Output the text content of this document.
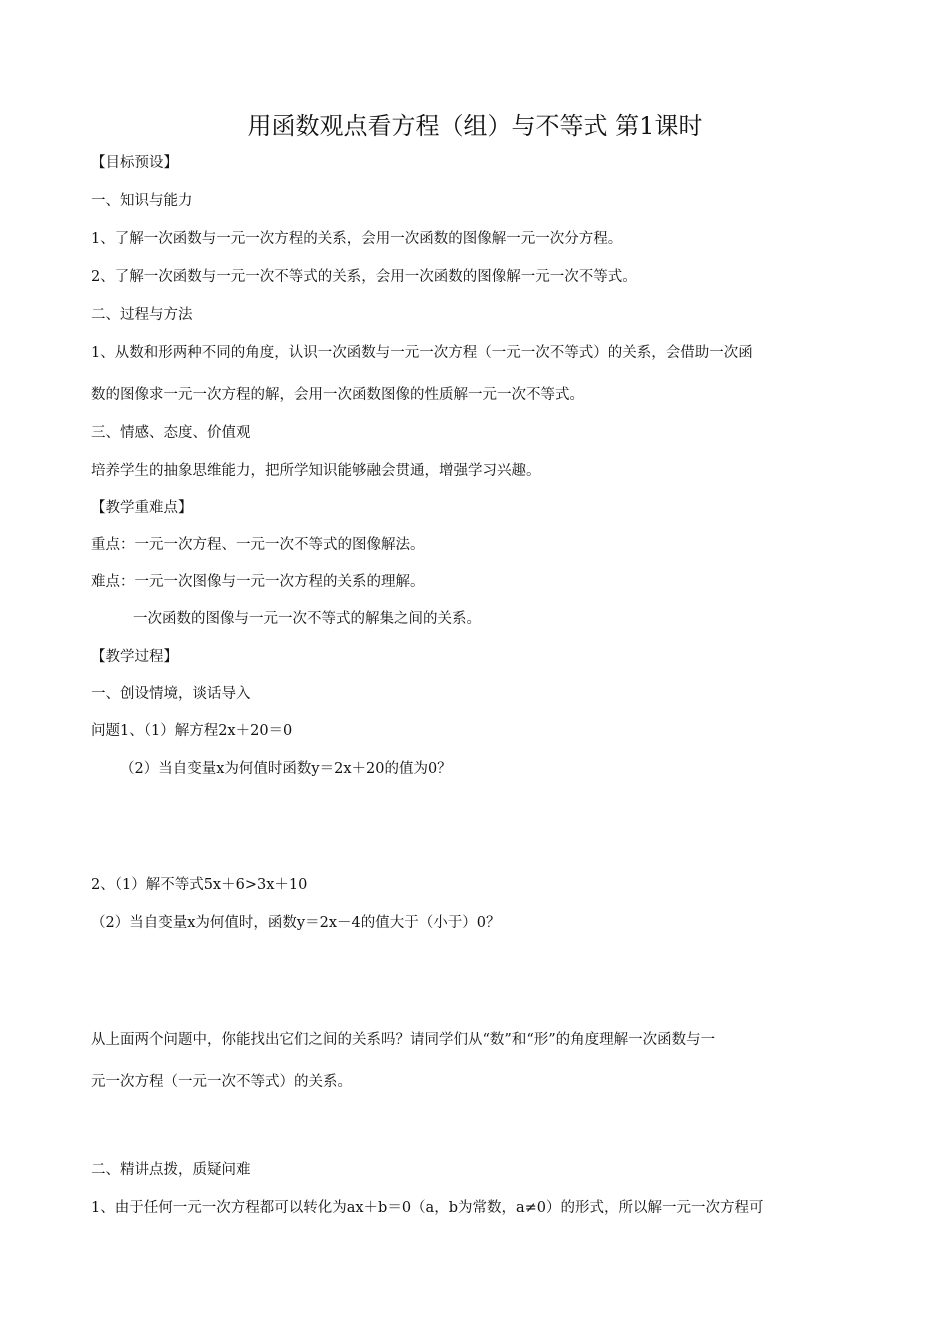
用函数观点看方程（组）与不等式 第1课时
【目标预设】
一、知识与能力
1、了解一次函数与一元一次方程的关系，会用一次函数的图像解一元一次分方程。
2、了解一次函数与一元一次不等式的关系，会用一次函数的图像解一元一次不等式。
二、过程与方法
1、从数和形两种不同的角度，认识一次函数与一元一次方程（一元一次不等式）的关系，会借助一次函
数的图像求一元一次方程的解，会用一次函数图像的性质解一元一次不等式。
三、情感、态度、价值观
培养学生的抽象思维能力，把所学知识能够融会贯通，增强学习兴趣。
【教学重难点】
重点：一元一次方程、一元一次不等式的图像解法。
难点：一元一次图像与一元一次方程的关系的理解。
一次函数的图像与一元一次不等式的解集之间的关系。
【教学过程】
一、创设情境，谈话导入
问题1、（1）解方程2x＋20＝0
（2）当自变量x为何值时函数y＝2x＋20的值为0？
2、（1）解不等式5x＋6>3x＋10
（2）当自变量x为何值时，函数y＝2x－4的值大于（小于）0？
从上面两个问题中，你能找出它们之间的关系吗？请同学们从“数”和“形”的角度理解一次函数与一
元一次方程（一元一次不等式）的关系。
二、精讲点拨，质疑问难
1、由于任何一元一次方程都可以转化为ax＋b＝0（a，b为常数，a≠0）的形式，所以解一元一次方程可
